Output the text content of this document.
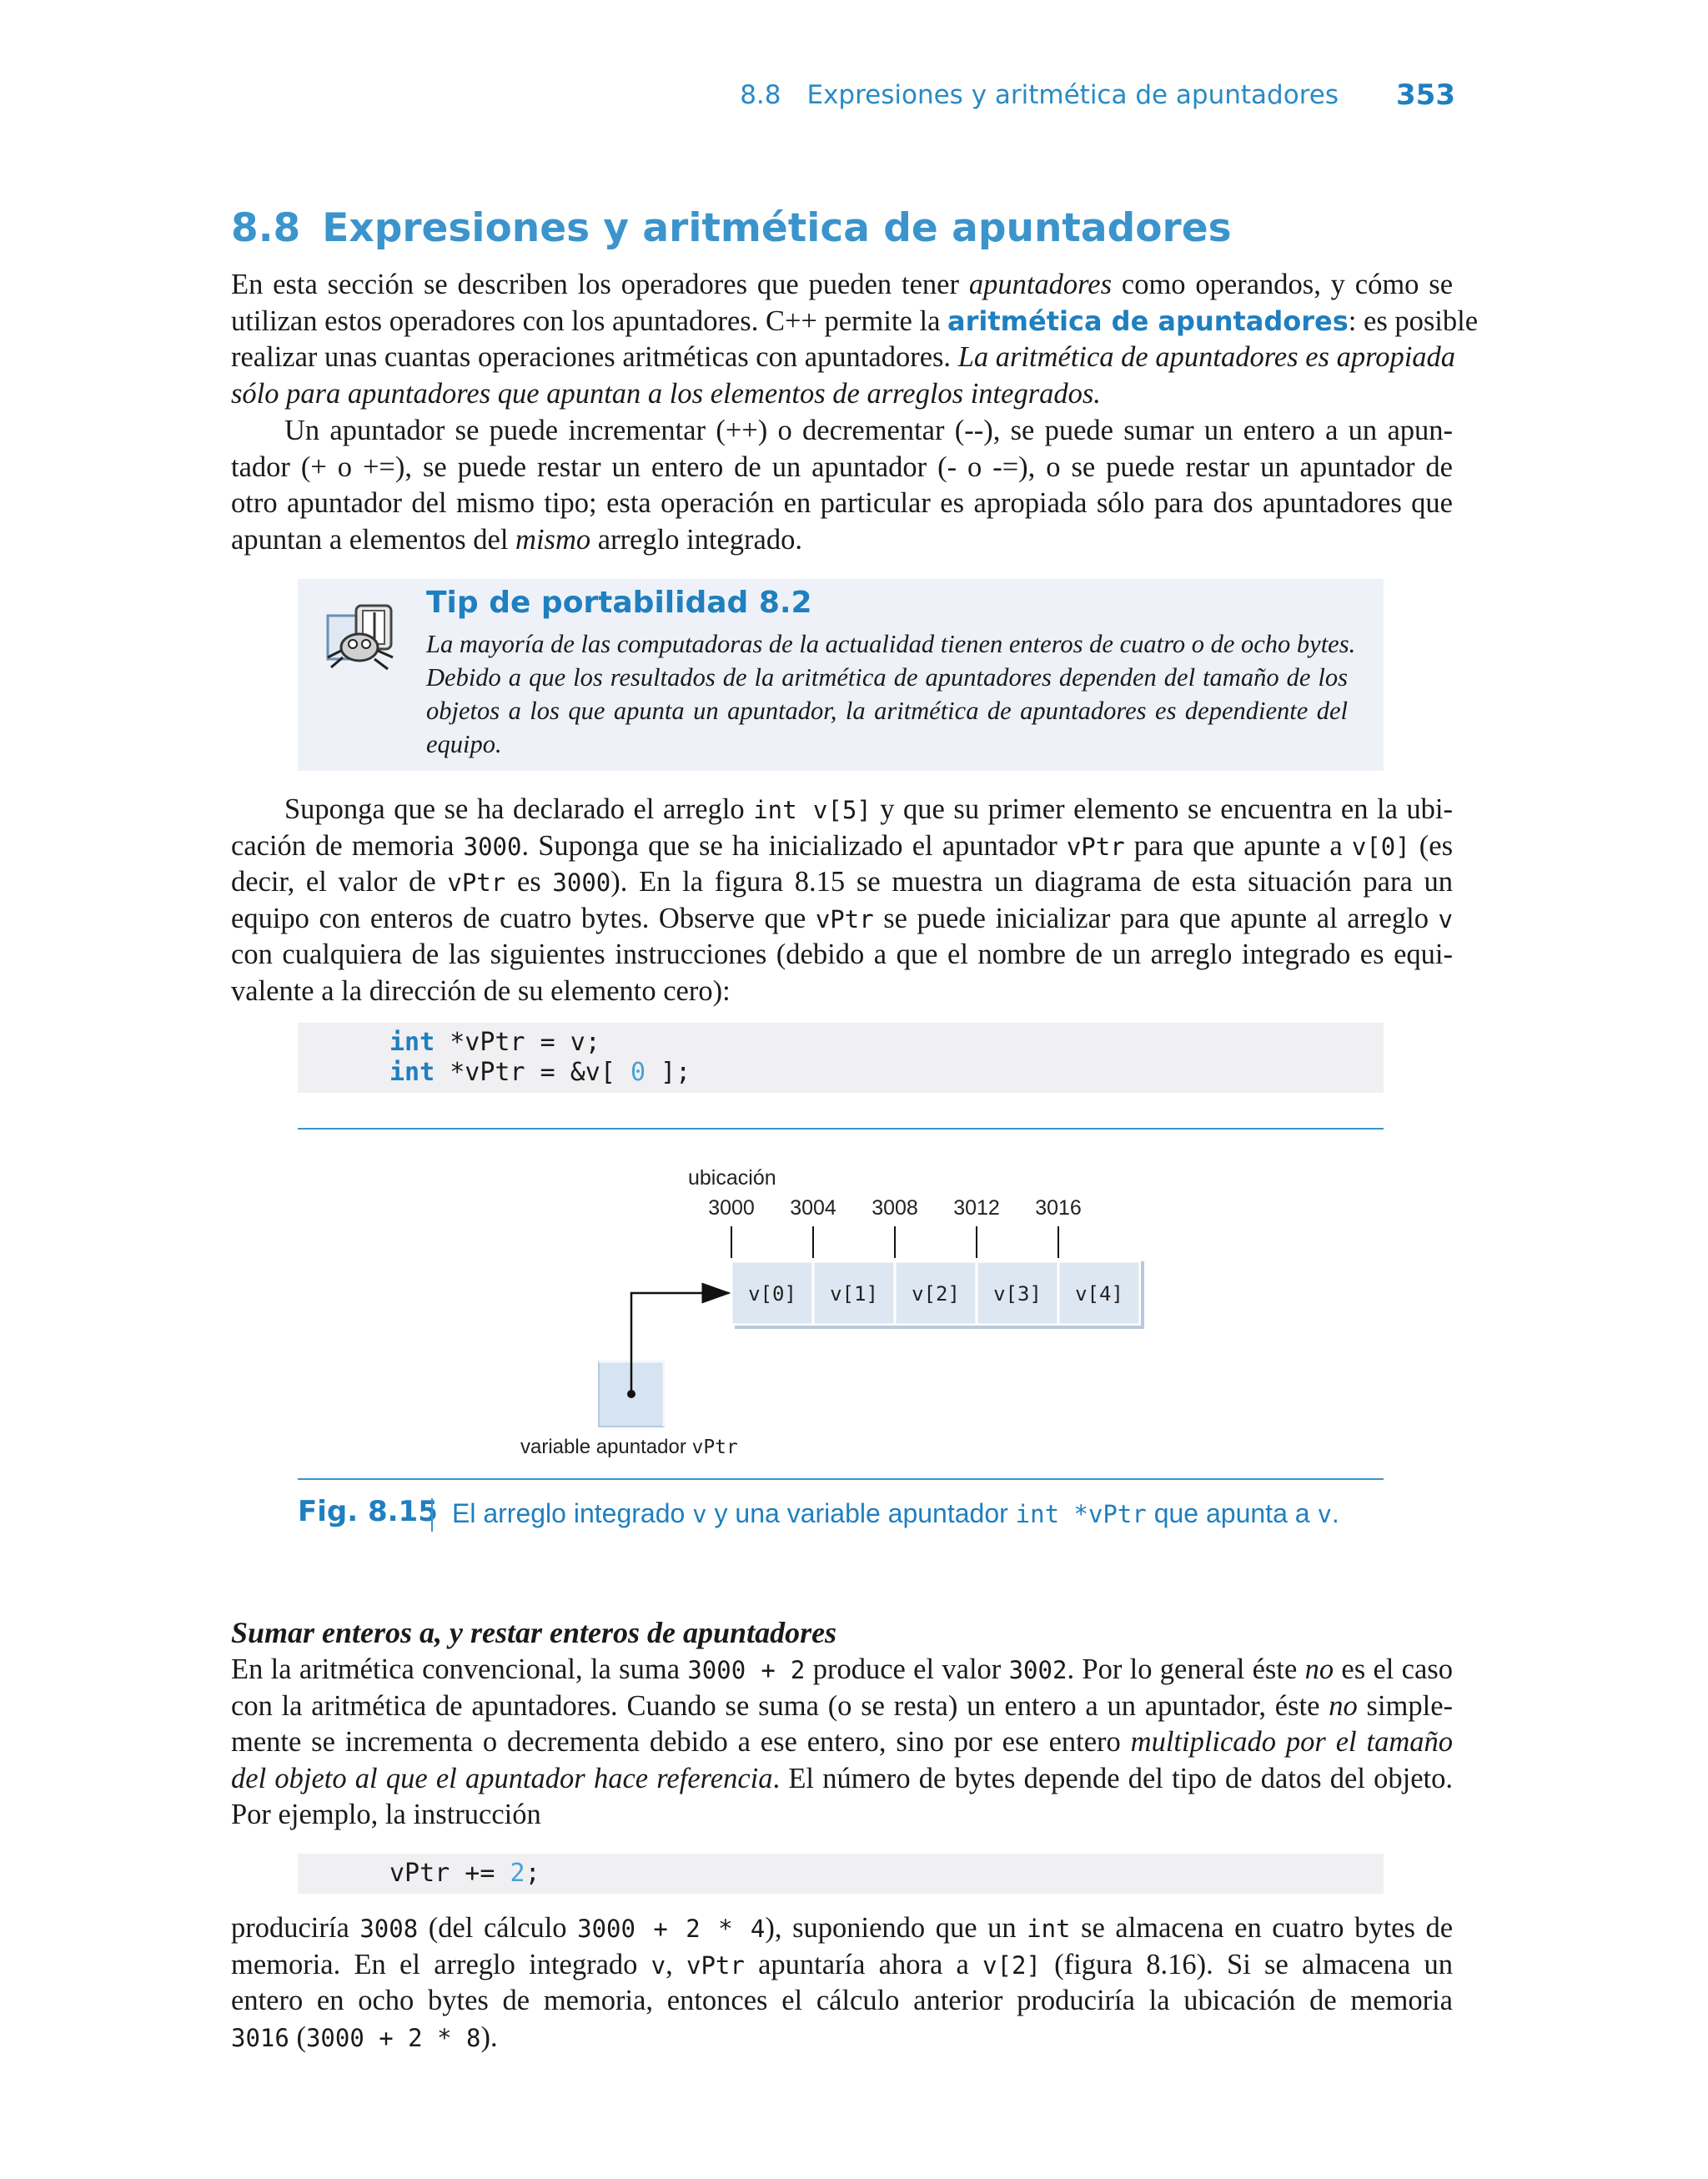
8.8 Expresiones y aritmética de apuntadores 353
8.8 Expresiones y aritmética de apuntadores
En esta sección se describen los operadores que pueden tener apuntadores como operandos, y cómo se
utilizan estos operadores con los apuntadores. C++ permite la aritmética de apuntadores: es posible
realizar unas cuantas operaciones aritméticas con apuntadores. La aritmética de apuntadores es apropiada
sólo para apuntadores que apuntan a los elementos de arreglos integrados.
Un apuntador se puede incrementar (++) o decrementar (--), se puede sumar un entero a un apun-
tador (+ o +=), se puede restar un entero de un apuntador (- o -=), o se puede restar un apuntador de
otro apuntador del mismo tipo; esta operación en particular es apropiada sólo para dos apuntadores que
apuntan a elementos del mismo arreglo integrado.
Tip de portabilidad 8.2
La mayoría de las computadoras de la actualidad tienen enteros de cuatro o de ocho bytes.
Debido a que los resultados de la aritmética de apuntadores dependen del tamaño de los
objetos a los que apunta un apuntador, la aritmética de apuntadores es dependiente del
equipo.
Suponga que se ha declarado el arreglo int v[5] y que su primer elemento se encuentra en la ubi-
cación de memoria 3000. Suponga que se ha inicializado el apuntador vPtr para que apunte a v[0] (es
decir, el valor de vPtr es 3000). En la figura 8.15 se muestra un diagrama de esta situación para un
equipo con enteros de cuatro bytes. Observe que vPtr se puede inicializar para que apunte al arreglo v
con cualquiera de las siguientes instrucciones (debido a que el nombre de un arreglo integrado es equi-
valente a la dirección de su elemento cero):
int *vPtr = v;
int *vPtr = &v[ 0 ];
ubicación
3000 3004 3008 3012 3016
v[0] v[1] v[2] v[3] v[4]
variable apuntador vPtr
Fig. 8.15 El arreglo integrado v y una variable apuntador int *vPtr que apunta a v.
Sumar enteros a, y restar enteros de apuntadores
En la aritmética convencional, la suma 3000 + 2 produce el valor 3002. Por lo general éste no es el caso
con la aritmética de apuntadores. Cuando se suma (o se resta) un entero a un apuntador, éste no simple-
mente se incrementa o decrementa debido a ese entero, sino por ese entero multiplicado por el tamaño
del objeto al que el apuntador hace referencia. El número de bytes depende del tipo de datos del objeto.
Por ejemplo, la instrucción
vPtr += 2;
produciría 3008 (del cálculo 3000 + 2 * 4), suponiendo que un int se almacena en cuatro bytes de
memoria. En el arreglo integrado v, vPtr apuntaría ahora a v[2] (figura 8.16). Si se almacena un
entero en ocho bytes de memoria, entonces el cálculo anterior produciría la ubicación de memoria
3016 (3000 + 2 * 8).
